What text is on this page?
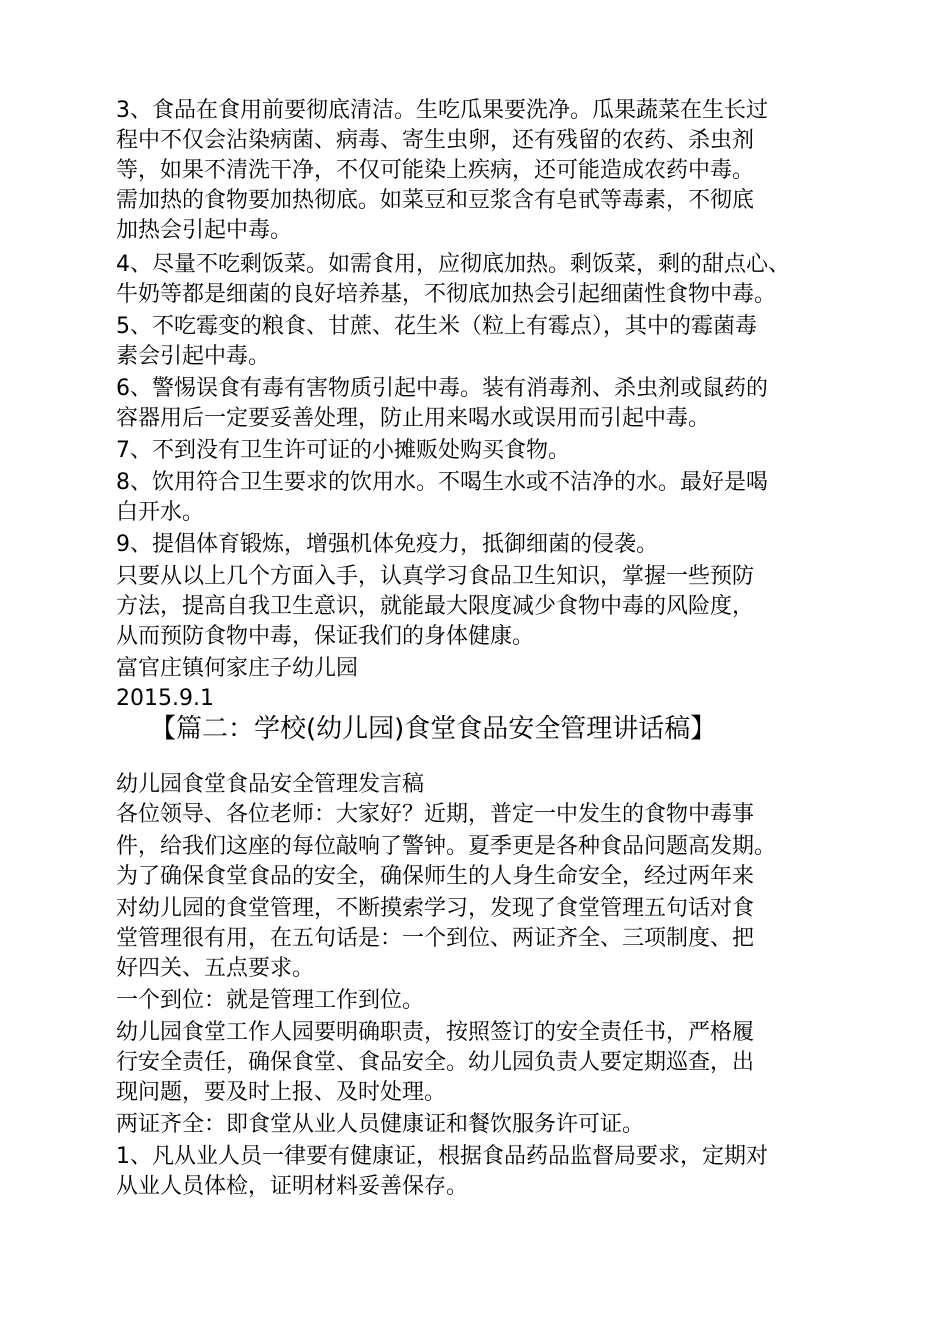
3、食品在食用前要彻底清洁。生吃瓜果要洗净。瓜果蔬菜在生长过
程中不仅会沾染病菌、病毒、寄生虫卵，还有残留的农药、杀虫剂
等，如果不清洗干净，不仅可能染上疾病，还可能造成农药中毒。
需加热的食物要加热彻底。如菜豆和豆浆含有皂甙等毒素，不彻底
加热会引起中毒。
4、尽量不吃剩饭菜。如需食用，应彻底加热。剩饭菜，剩的甜点心、
牛奶等都是细菌的良好培养基，不彻底加热会引起细菌性食物中毒。
5、不吃霉变的粮食、甘蔗、花生米（粒上有霉点），其中的霉菌毒
素会引起中毒。
6、警惕误食有毒有害物质引起中毒。装有消毒剂、杀虫剂或鼠药的
容器用后一定要妥善处理，防止用来喝水或误用而引起中毒。
7、不到没有卫生许可证的小摊贩处购买食物。
8、饮用符合卫生要求的饮用水。不喝生水或不洁净的水。最好是喝
白开水。
9、提倡体育锻炼，增强机体免疫力，抵御细菌的侵袭。
只要从以上几个方面入手，认真学习食品卫生知识，掌握一些预防
方法，提高自我卫生意识，就能最大限度减少食物中毒的风险度，
从而预防食物中毒，保证我们的身体健康。
富官庄镇何家庄子幼儿园
2015.9.1
【篇二：学校(幼儿园)食堂食品安全管理讲话稿】
幼儿园食堂食品安全管理发言稿
各位领导、各位老师：大家好？近期，普定一中发生的食物中毒事
件，给我们这座的每位敲响了警钟。夏季更是各种食品问题高发期。
为了确保食堂食品的安全，确保师生的人身生命安全，经过两年来
对幼儿园的食堂管理，不断摸索学习，发现了食堂管理五句话对食
堂管理很有用，在五句话是：一个到位、两证齐全、三项制度、把
好四关、五点要求。
一个到位：就是管理工作到位。
幼儿园食堂工作人园要明确职责，按照签订的安全责任书，严格履
行安全责任，确保食堂、食品安全。幼儿园负责人要定期巡查，出
现问题，要及时上报、及时处理。
两证齐全：即食堂从业人员健康证和餐饮服务许可证。
1、凡从业人员一律要有健康证，根据食品药品监督局要求，定期对
从业人员体检，证明材料妥善保存。
